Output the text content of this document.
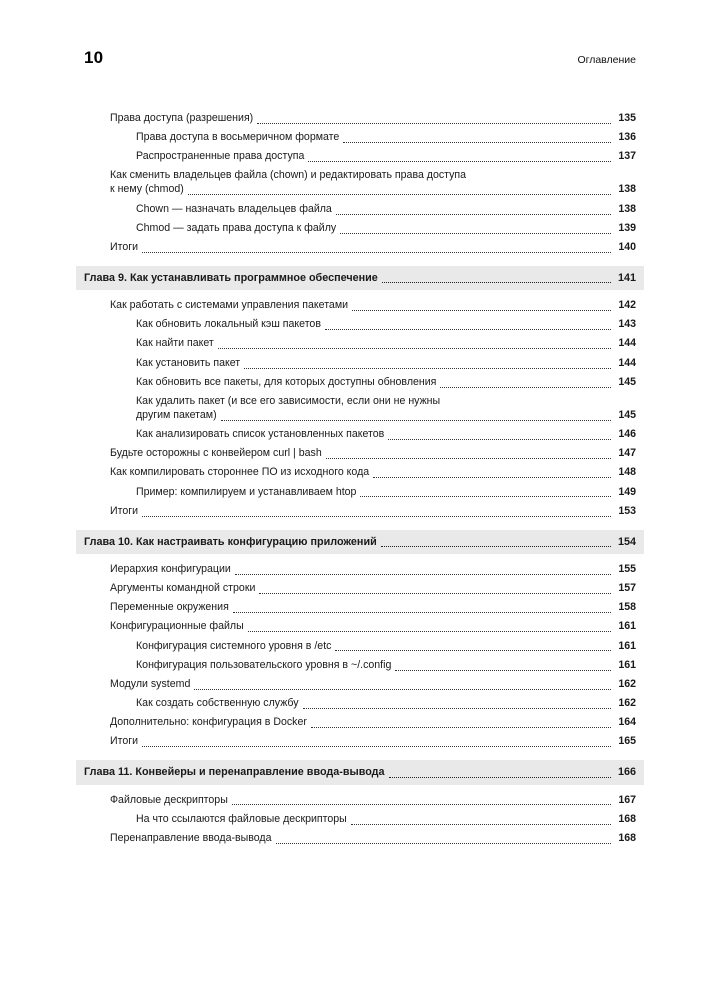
10	Оглавление
Права доступа (разрешения)	135
Права доступа в восьмеричном формате	136
Распространенные права доступа	137
Как сменить владельцев файла (chown) и редактировать права доступа
к нему (chmod)	138
Chown — назначать владельцев файла	138
Chmod — задать права доступа к файлу	139
Итоги	140
Глава 9. Как устанавливать программное обеспечение	141
Как работать с системами управления пакетами	142
Как обновить локальный кэш пакетов	143
Как найти пакет	144
Как установить пакет	144
Как обновить все пакеты, для которых доступны обновления	145
Как удалить пакет (и все его зависимости, если они не нужны
другим пакетам)	145
Как анализировать список установленных пакетов	146
Будьте осторожны с конвейером curl | bash	147
Как компилировать стороннее ПО из исходного кода	148
Пример: компилируем и устанавливаем htop	149
Итоги	153
Глава 10. Как настраивать конфигурацию приложений	154
Иерархия конфигурации	155
Аргументы командной строки	157
Переменные окружения	158
Конфигурационные файлы	161
Конфигурация системного уровня в /etc	161
Конфигурация пользовательского уровня в ~/.config	161
Модули systemd	162
Как создать собственную службу	162
Дополнительно: конфигурация в Docker	164
Итоги	165
Глава 11. Конвейеры и перенаправление ввода-вывода	166
Файловые дескрипторы	167
На что ссылаются файловые дескрипторы	168
Перенаправление ввода-вывода	168
